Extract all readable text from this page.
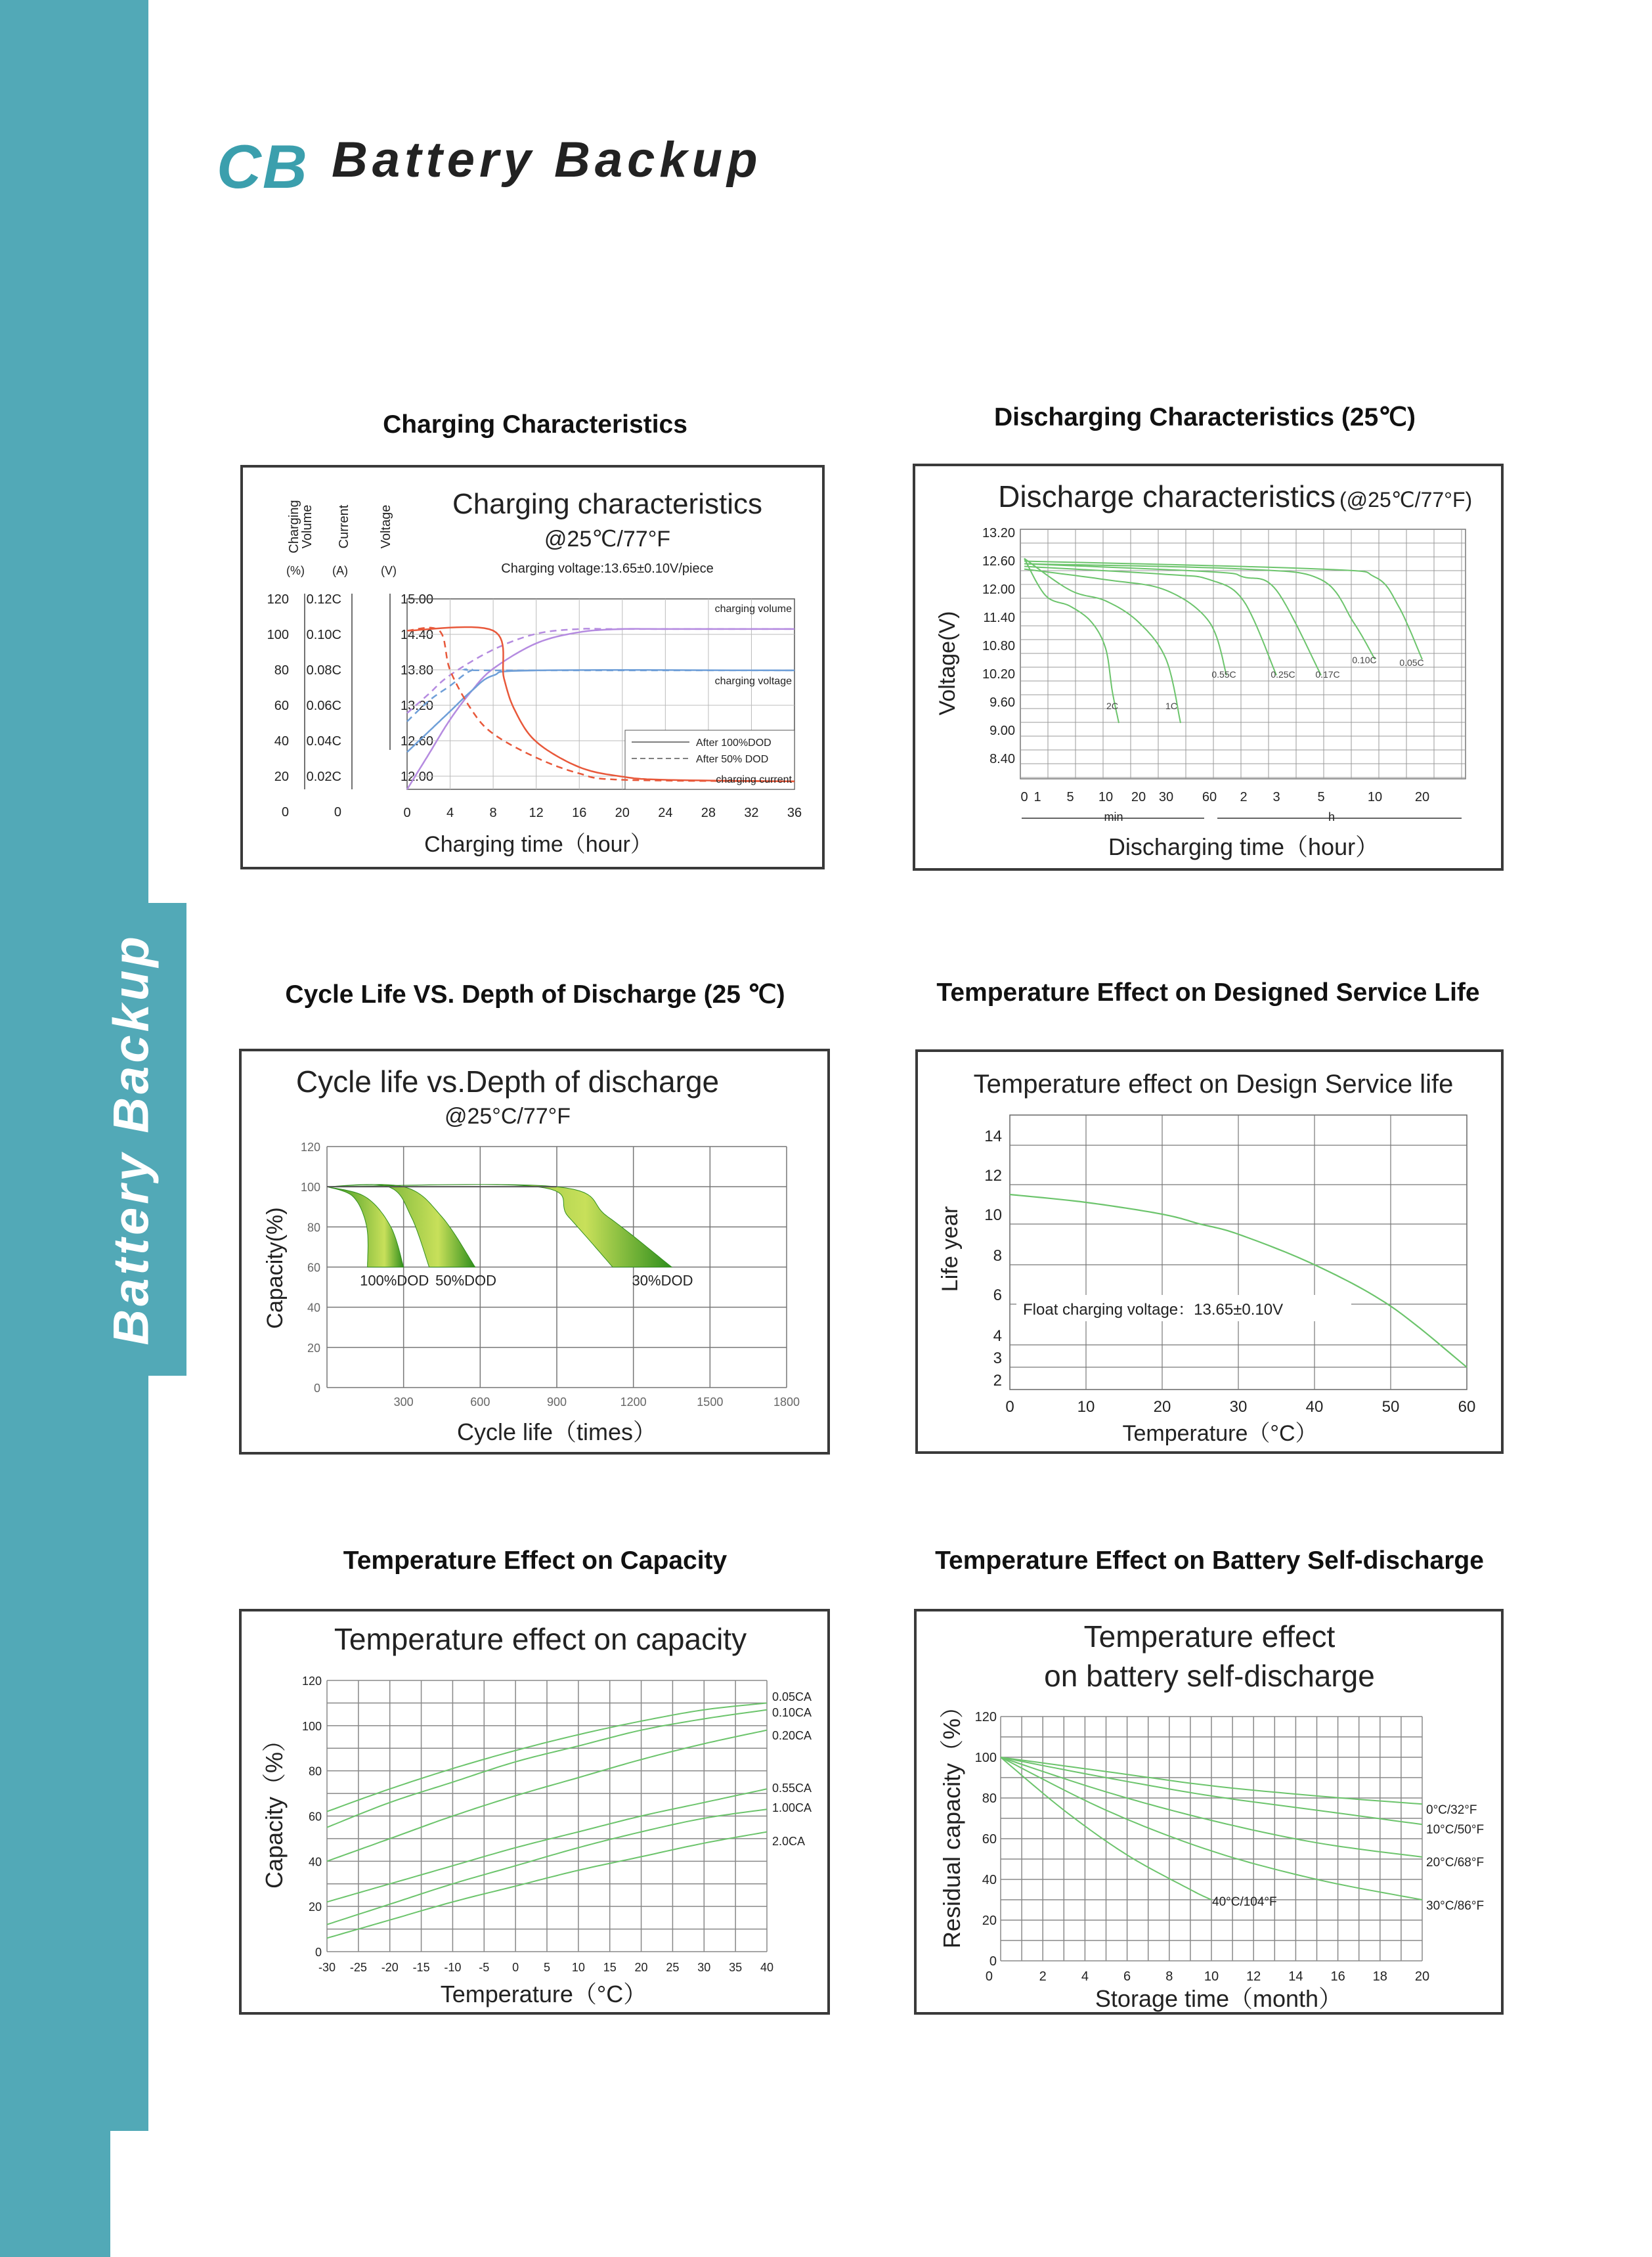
Battery Backup
CB Battery Backup
Charging Characteristics	Discharging Characteristics (25℃)
Cycle Life VS. Depth of Discharge (25 ℃)	Temperature Effect on Designed Service Life
Temperature Effect on Capacity	Temperature Effect on Battery Self-discharge
Charging characteristics
@25℃/77°F
Charging voltage:13.65±0.10V/piece
Charging
Volume Current Voltage
(%) (A)	(V)
120
100
80
60
40
20
0
0.12C
0.10C
0.08C
0.06C
0.04C
0.02C
0
15.00
14.40
13.80
13.20
12.60
12.00
0	4	8 12 16 20 24 28 32 36
Charging time（hour）
charging volume
charging voltage
charging current
After 100%DOD
After 50% DOD
Discharge characteristics (@25℃/77°F)
13.20
12.60
12.00
11.40
10.80
10.20
9.60
9.00
8.40
Voltage(V)
0 1 5 10 20 30 60 2 3	5	10 20
min	h
Discharging time（hour）
2C	1C
0.55C	0.25C 0.17C
0.10C 0.05C
Cycle life vs.Depth of discharge
@25°C/77°F
120
100
80
60
40
20
0
300	600	900	1200	1500	1800
Capacity(%)
Cycle life（times）
100%DOD 50%DOD	30%DOD
Temperature effect on Design Service life
14
12
10
8
6
4
3
2
0	10	20	30	40	50	60
Life year
Temperature（°C）
Float charging voltage：13.65±0.10V
Temperature effect on capacity
120
100
80
60
40
20
0
-30 -25 -20 -15 -10 -5 0 5 10 15 20 25 30 35 40
Capacity（%）
Temperature（°C）
0.05CA
0.10CA
0.20CA
0.55CA
1.00CA
2.0CA
Temperature effect
on battery self-discharge
120
100
80
60
40
20
0
2	4	6	8 10 12 14 16 18 20
0
Residual capacity（%）
Storage time（month）
0°C/32°F
10°C/50°F
20°C/68°F
30°C/86°F
40°C/104°F
